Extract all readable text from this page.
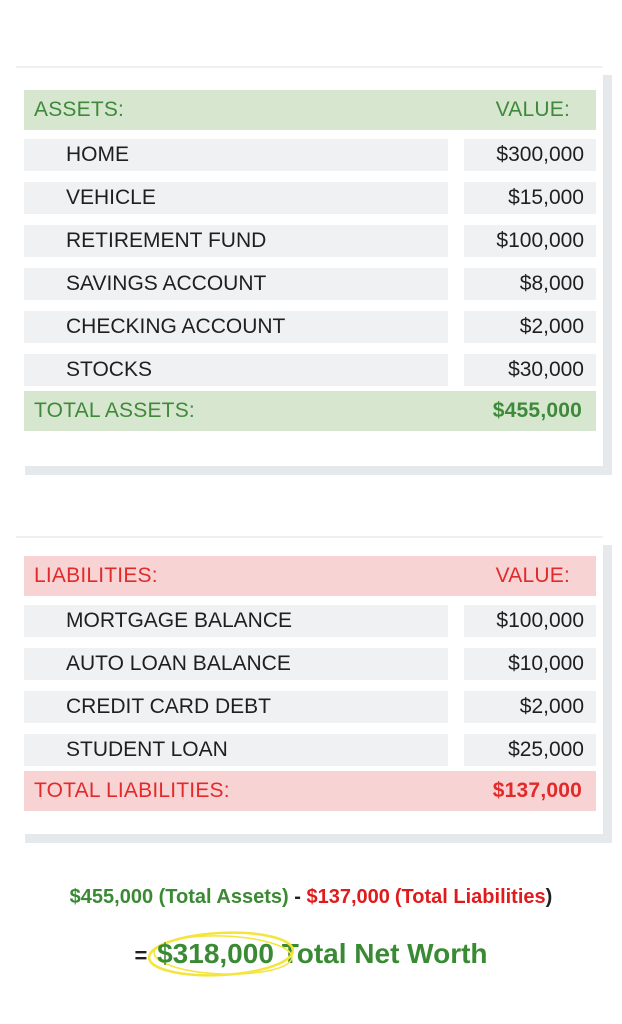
ASSETS:	VALUE:
HOME	$300,000
VEHICLE	$15,000
RETIREMENT FUND	$100,000
SAVINGS ACCOUNT	$8,000
CHECKING ACCOUNT	$2,000
STOCKS	$30,000
TOTAL ASSETS:	$455,000
LIABILITIES:	VALUE:
MORTGAGE BALANCE	$100,000
AUTO LOAN BALANCE	$10,000
CREDIT CARD DEBT	$2,000
STUDENT LOAN	$25,000
TOTAL LIABILITIES:	$137,000
$455,000 (Total Assets) - $137,000 (Total Liabilities)
= $318,000 Total Net Worth
